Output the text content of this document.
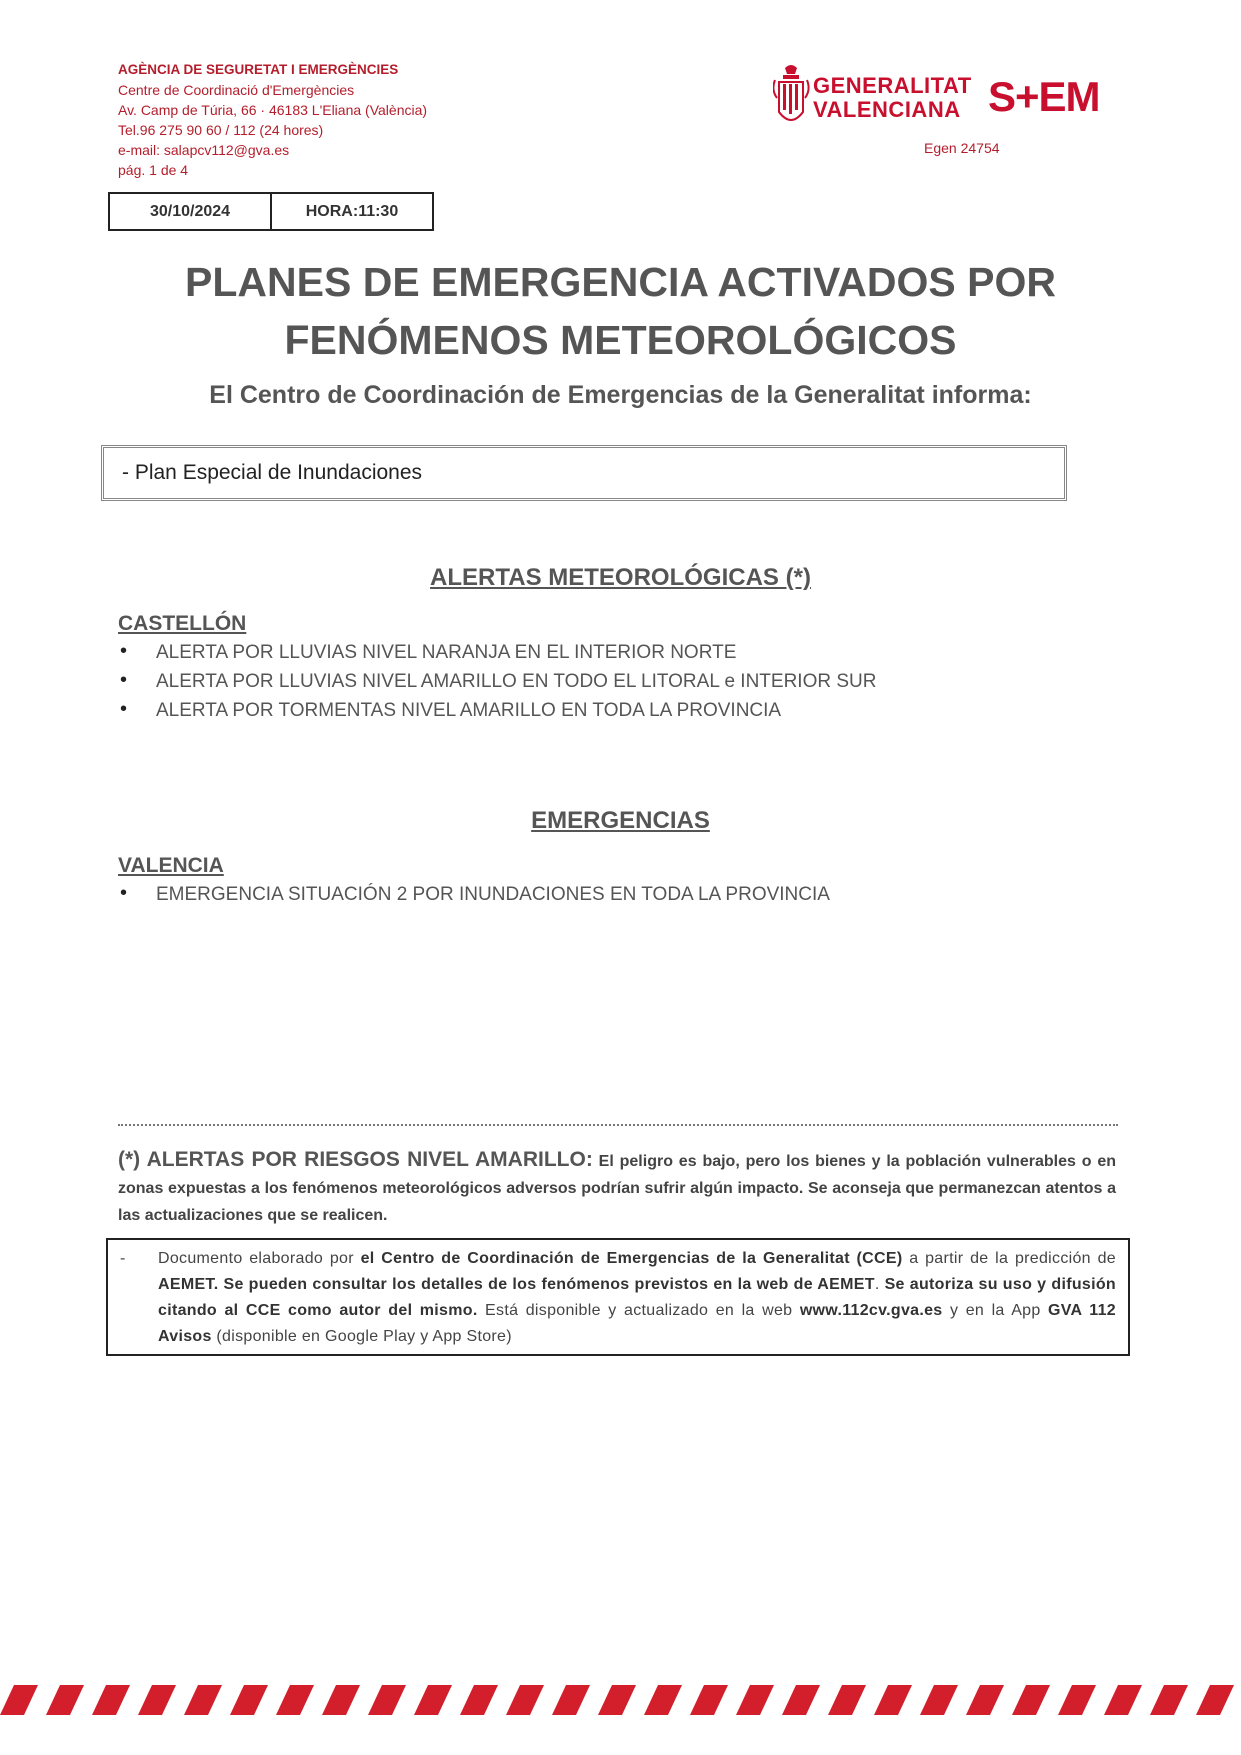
AGÈNCIA DE SEGURETAT I EMERGÈNCIES
Centre de Coordinació d'Emergències
Av. Camp de Túria, 66 · 46183 L'Eliana (València)
Tel.96 275 90 60 / 112 (24 hores)
e-mail: salapcv112@gva.es
pág. 1 de 4
GENERALITAT
VALENCIANA S+EM
Egen 24754
30/10/2024	HORA:11:30
PLANES DE EMERGENCIA ACTIVADOS POR
FENÓMENOS METEOROLÓGICOS
El Centro de Coordinación de Emergencias de la Generalitat informa:
- Plan Especial de Inundaciones
ALERTAS METEOROLÓGICAS (*)
CASTELLÓN
• ALERTA POR LLUVIAS NIVEL NARANJA EN EL INTERIOR NORTE
• ALERTA POR LLUVIAS NIVEL AMARILLO EN TODO EL LITORAL e INTERIOR SUR
• ALERTA POR TORMENTAS NIVEL AMARILLO EN TODA LA PROVINCIA
EMERGENCIAS
VALENCIA
• EMERGENCIA SITUACIÓN 2 POR INUNDACIONES EN TODA LA PROVINCIA
(*) ALERTAS POR RIESGOS NIVEL AMARILLO: El peligro es bajo, pero los bienes y la población vulnerables o en zonas expuestas a los fenómenos meteorológicos adversos podrían sufrir algún impacto. Se aconseja que permanezcan atentos a las actualizaciones que se realicen.
-	Documento elaborado por el Centro de Coordinación de Emergencias de la Generalitat (CCE) a partir de la predicción de AEMET. Se pueden consultar los detalles de los fenómenos previstos en la web de AEMET. Se autoriza su uso y difusión citando al CCE como autor del mismo. Está disponible y actualizado en la web www.112cv.gva.es y en la App GVA 112 Avisos (disponible en Google Play y App Store)
